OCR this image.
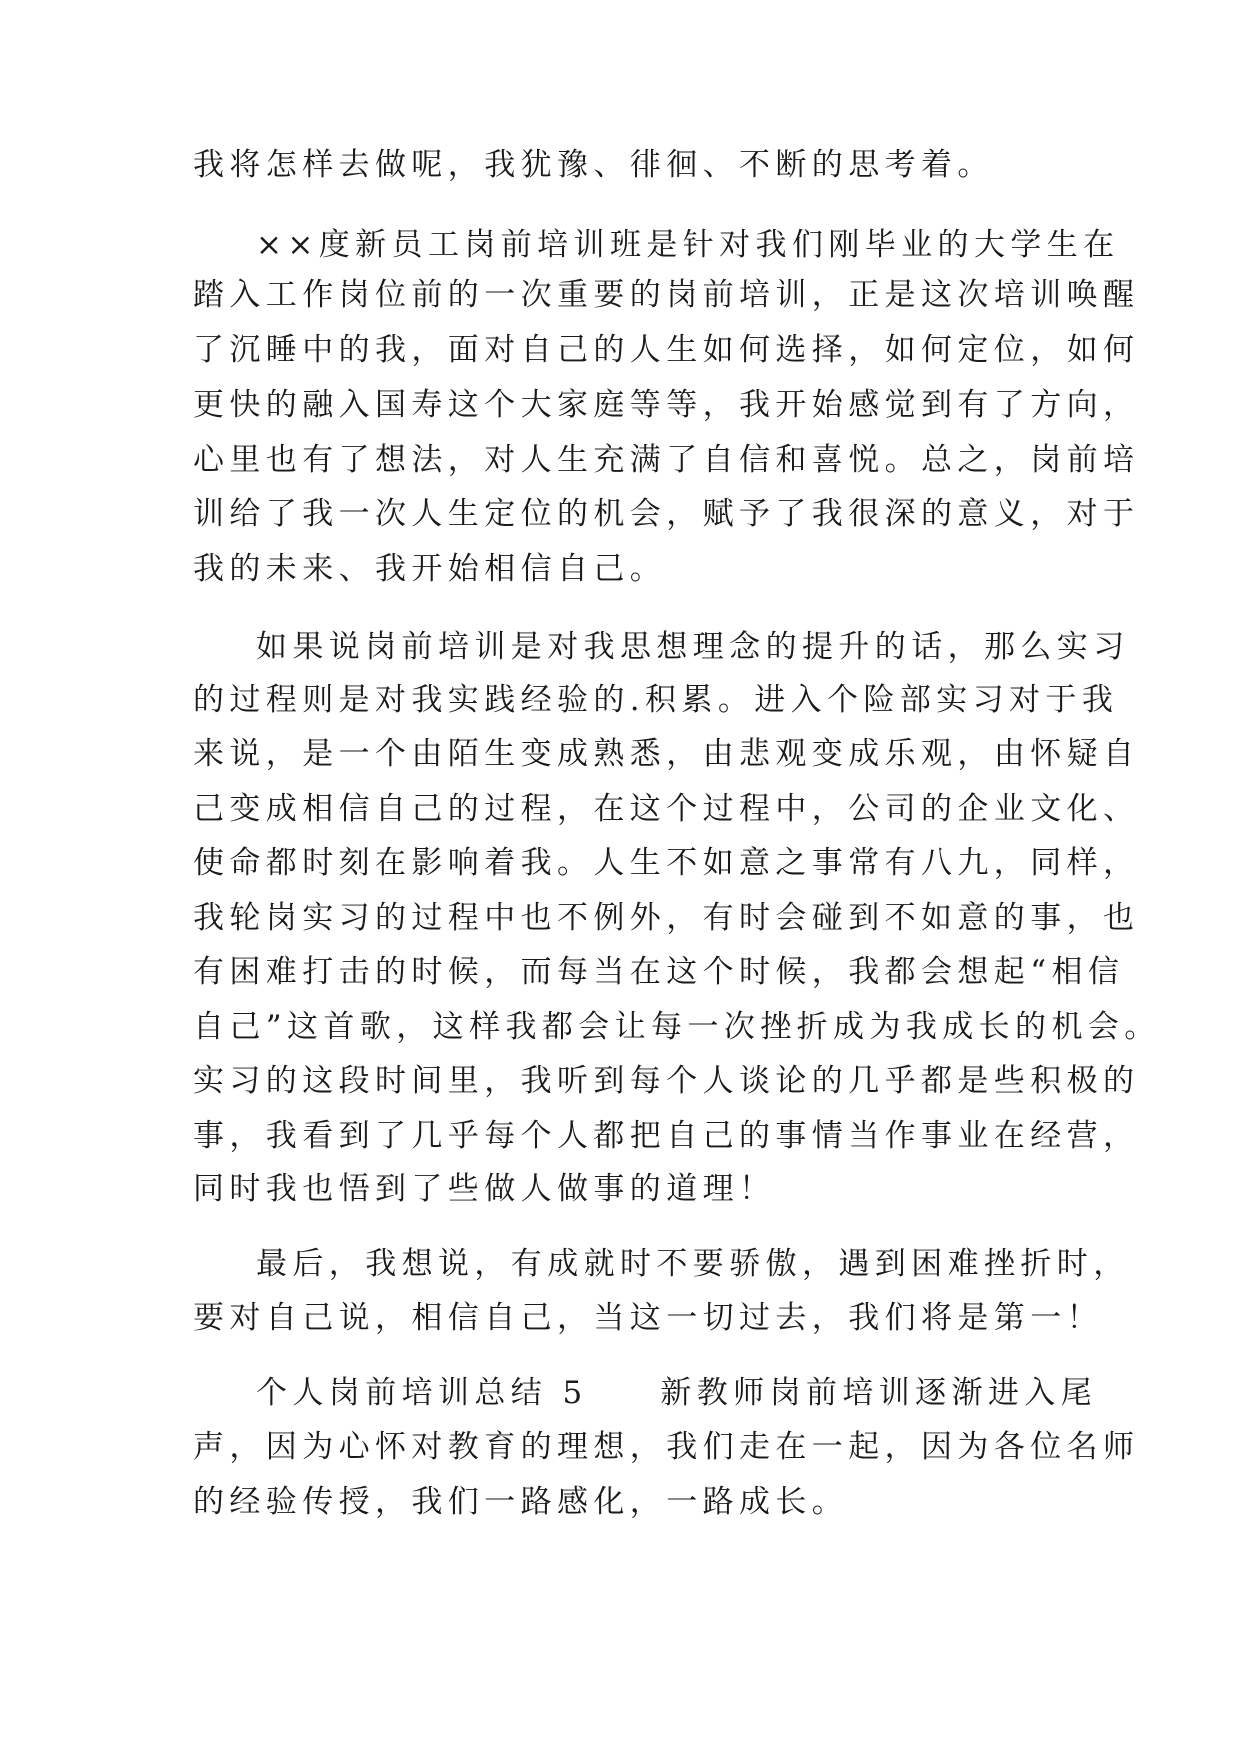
我将怎样去做呢，我犹豫、徘徊、不断的思考着。
××度新员工岗前培训班是针对我们刚毕业的大学生在
踏入工作岗位前的一次重要的岗前培训，正是这次培训唤醒
了沉睡中的我，面对自己的人生如何选择，如何定位，如何
更快的融入国寿这个大家庭等等，我开始感觉到有了方向，
心里也有了想法，对人生充满了自信和喜悦。总之，岗前培
训给了我一次人生定位的机会，赋予了我很深的意义，对于
我的未来、我开始相信自己。
如果说岗前培训是对我思想理念的提升的话，那么实习
的过程则是对我实践经验的.积累。进入个险部实习对于我
来说，是一个由陌生变成熟悉，由悲观变成乐观，由怀疑自
己变成相信自己的过程，在这个过程中，公司的企业文化、
使命都时刻在影响着我。人生不如意之事常有八九，同样，
我轮岗实习的过程中也不例外，有时会碰到不如意的事，也
有困难打击的时候，而每当在这个时候，我都会想起“相信
自己”这首歌，这样我都会让每一次挫折成为我成长的机会。
实习的这段时间里，我听到每个人谈论的几乎都是些积极的
事，我看到了几乎每个人都把自己的事情当作事业在经营，
同时我也悟到了些做人做事的道理！
最后，我想说，有成就时不要骄傲，遇到困难挫折时，
要对自己说，相信自己，当这一切过去，我们将是第一！
个人岗前培训总结 5　　新教师岗前培训逐渐进入尾
声，因为心怀对教育的理想，我们走在一起，因为各位名师
的经验传授，我们一路感化，一路成长。
